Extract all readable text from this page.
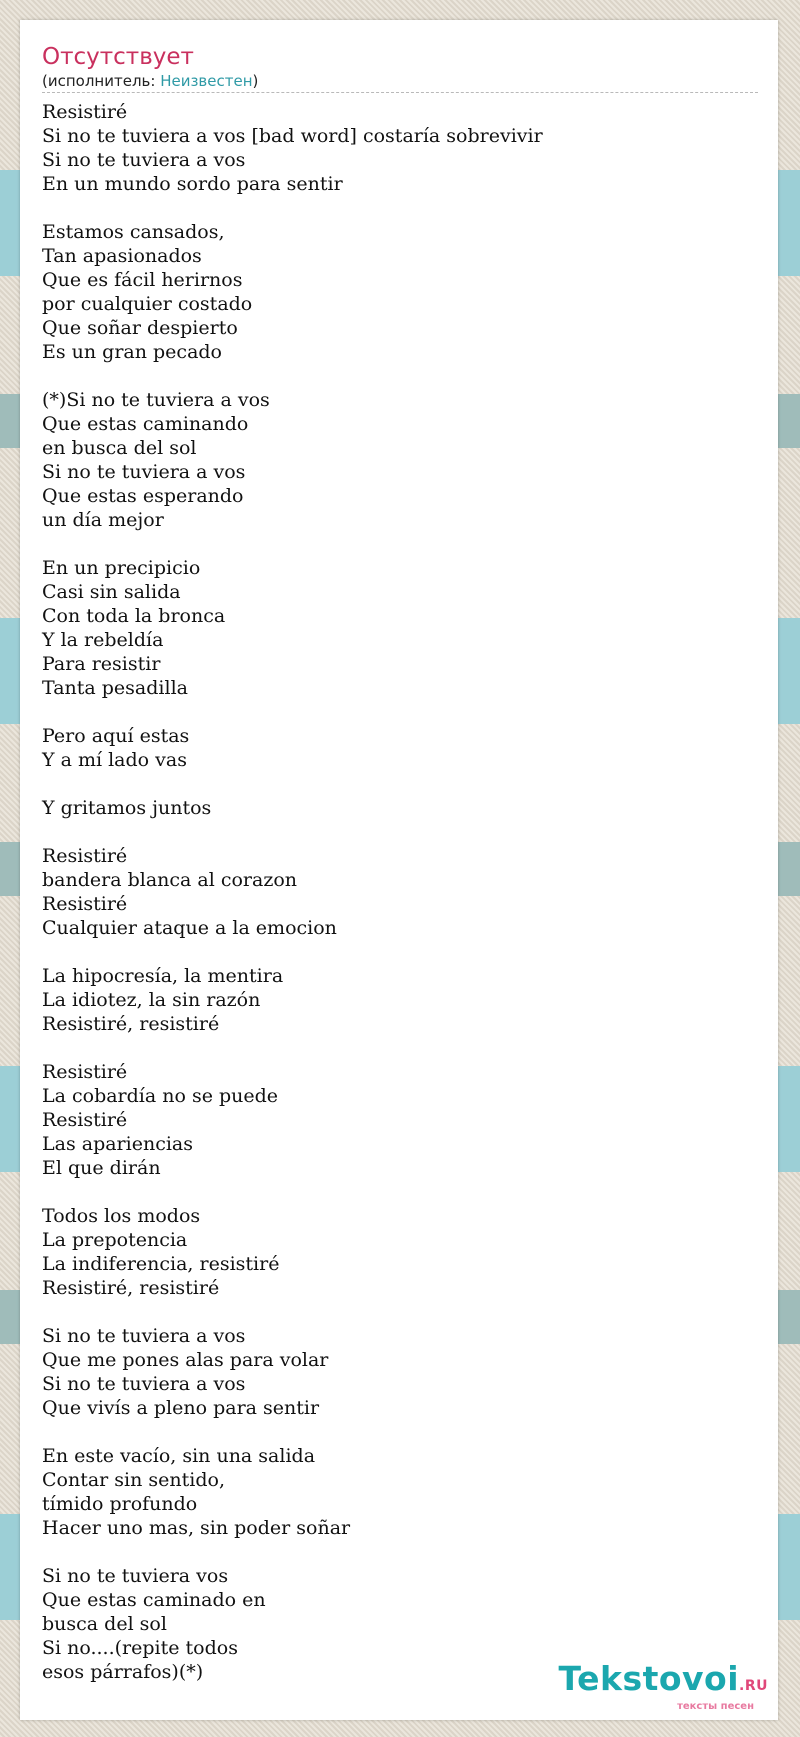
Отсутствует
(исполнитель: Неизвестен)
Resistiré
Si no te tuviera a vos [bad word] costaría sobrevivir
Si no te tuviera a vos
En un mundo sordo para sentir
Estamos cansados,
Tan apasionados
Que es fácil herirnos
por cualquier costado
Que soñar despierto
Es un gran pecado
(*)Si no te tuviera a vos
Que estas caminando
en busca del sol
Si no te tuviera a vos
Que estas esperando
un día mejor
En un precipicio
Casi sin salida
Con toda la bronca
Y la rebeldía
Para resistir
Tanta pesadilla
Pero aquí estas
Y a mí lado vas
Y gritamos juntos
Resistiré
bandera blanca al corazon
Resistiré
Cualquier ataque a la emocion
La hipocresía, la mentira
La idiotez, la sin razón
Resistiré, resistiré
Resistiré
La cobardía no se puede
Resistiré
Las apariencias
El que dirán
Todos los modos
La prepotencia
La indiferencia, resistiré
Resistiré, resistiré
Si no te tuviera a vos
Que me pones alas para volar
Si no te tuviera a vos
Que vivís a pleno para sentir
En este vacío, sin una salida
Contar sin sentido,
tímido profundo
Hacer uno mas, sin poder soñar
Si no te tuviera vos
Que estas caminado en
busca del sol
Si no....(repite todos
esos párrafos)(*)	Tekstovoi.RU
тексты песен
